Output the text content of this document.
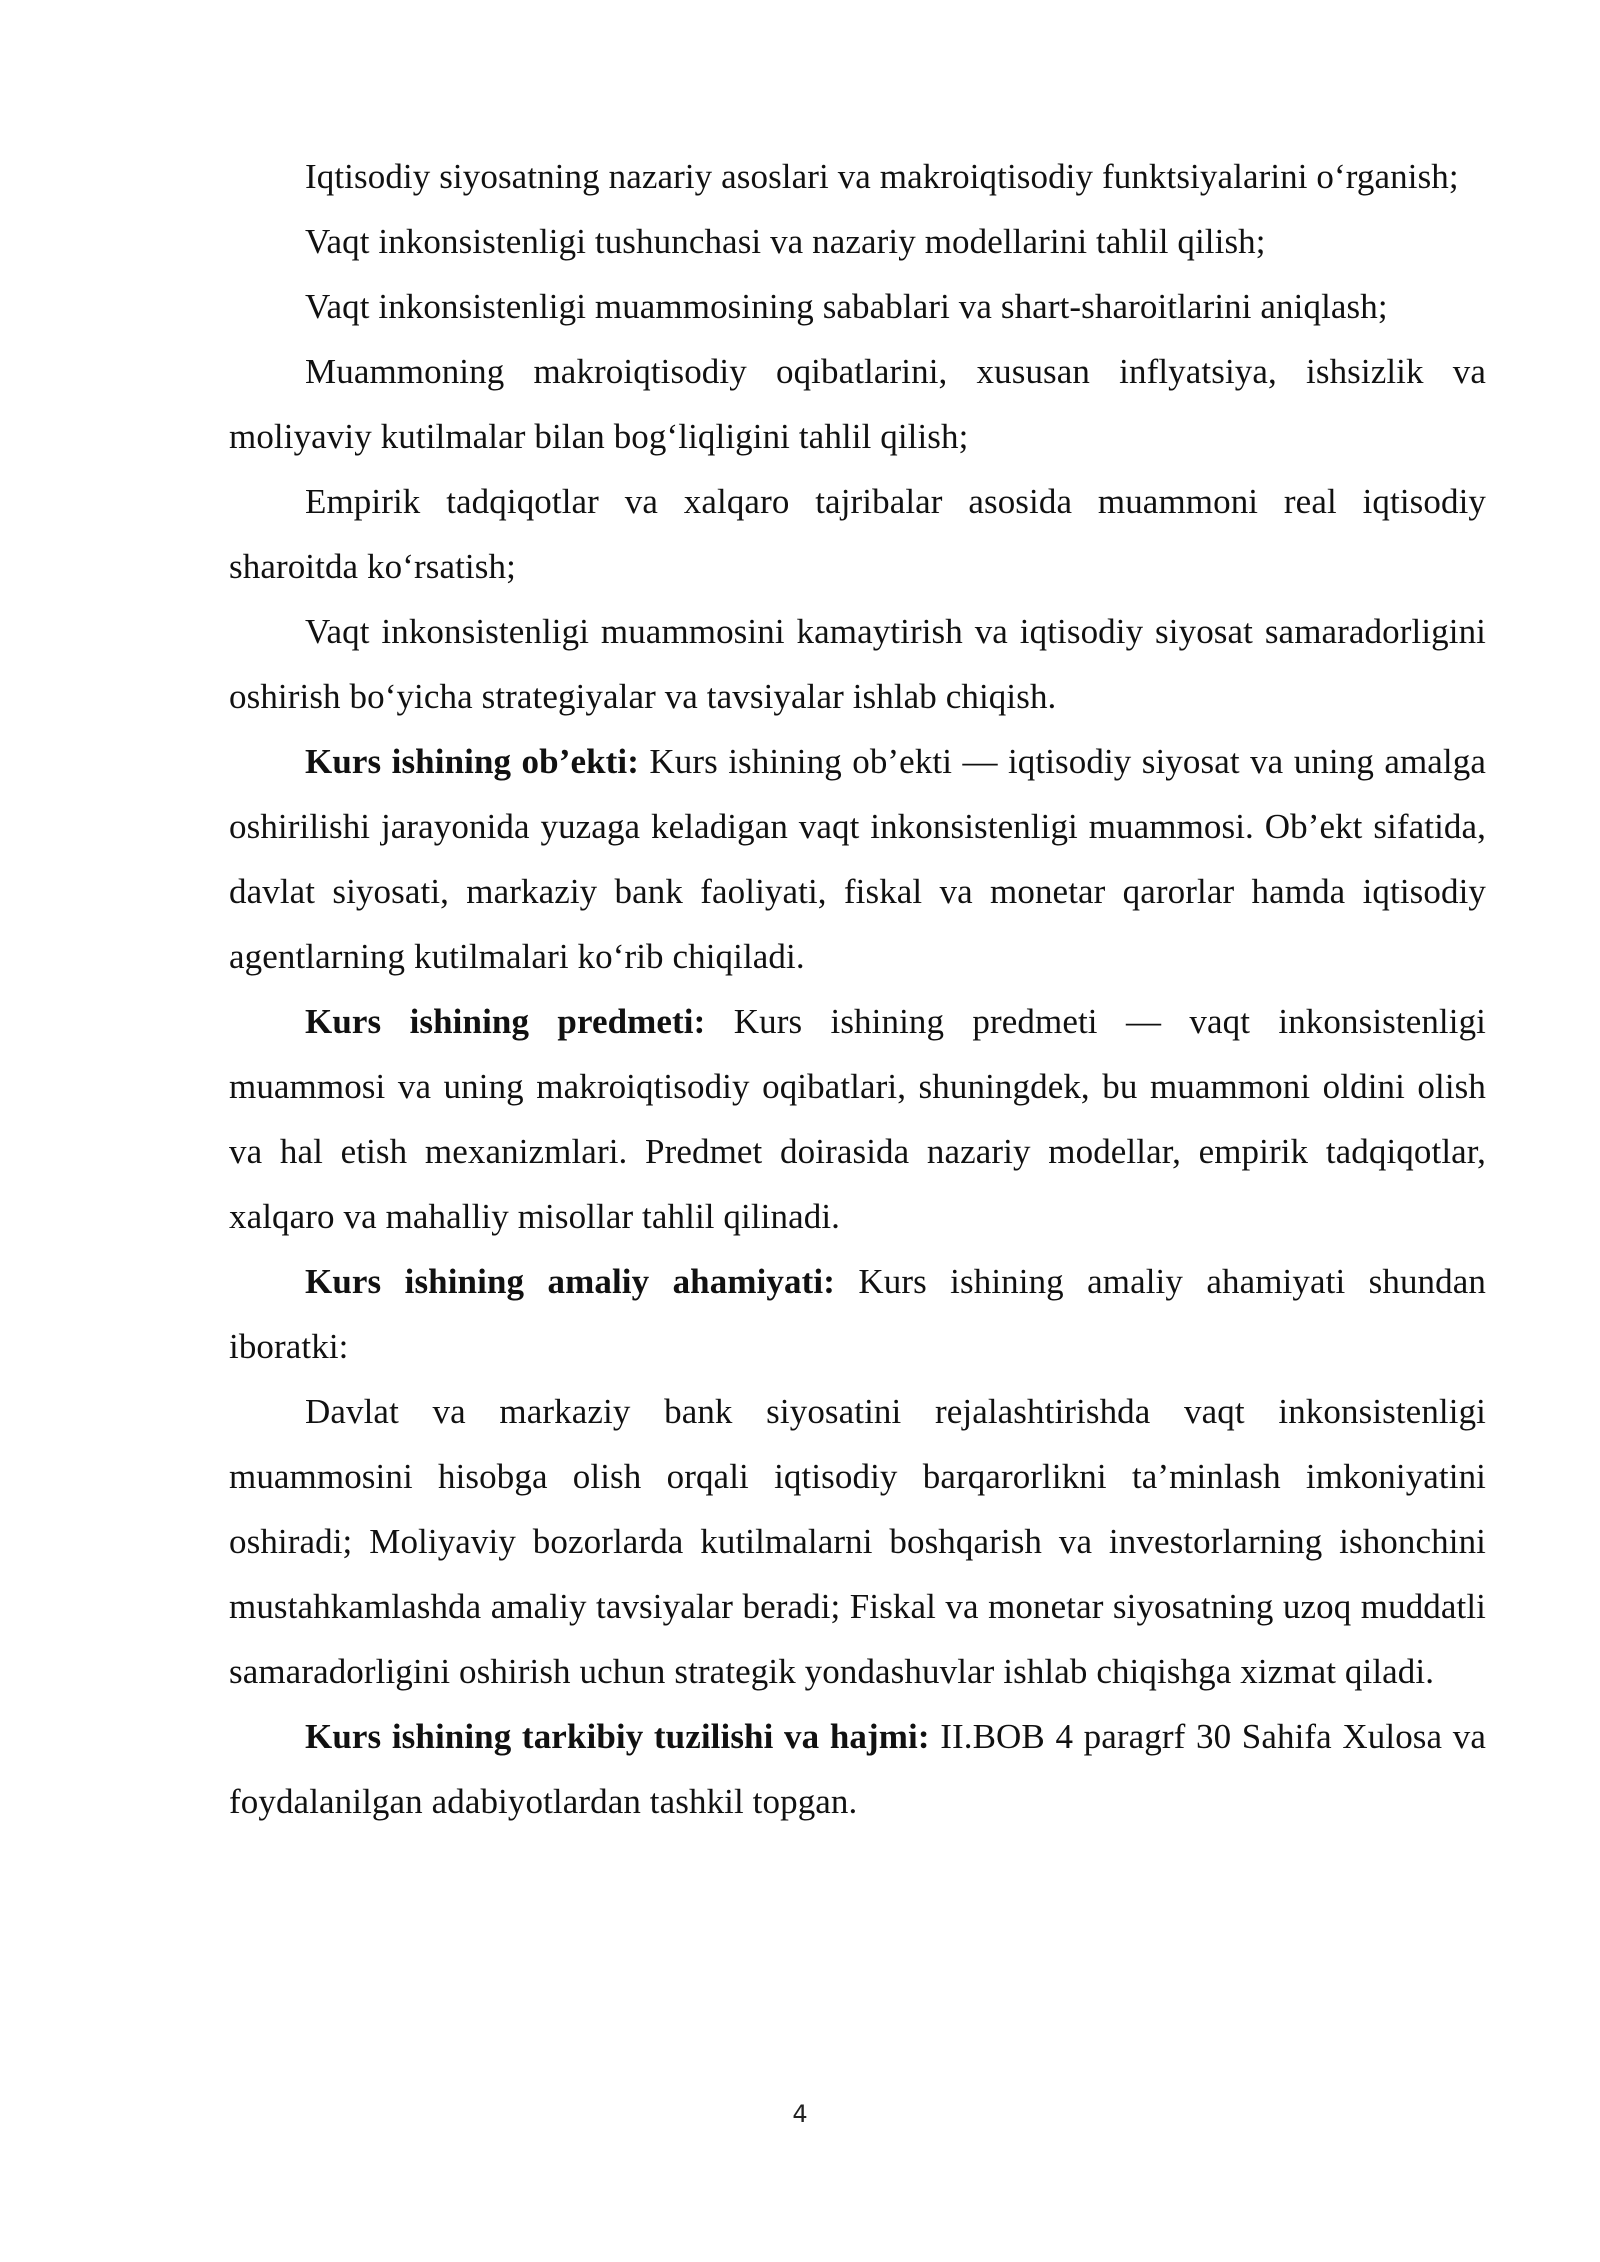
Iqtisodiy siyosatning nazariy asoslari va makroiqtisodiy funktsiyalarini o‘rganish;

Vaqt inkonsistenligi tushunchasi va nazariy modellarini tahlil qilish;

Vaqt inkonsistenligi muammosining sabablari va shart-sharoitlarini aniqlash;

Muammoning makroiqtisodiy oqibatlarini, xususan inflyatsiya, ishsizlik va moliyaviy kutilmalar bilan bog‘liqligini tahlil qilish;

Empirik tadqiqotlar va xalqaro tajribalar asosida muammoni real iqtisodiy sharoitda ko‘rsatish;

Vaqt inkonsistenligi muammosini kamaytirish va iqtisodiy siyosat samaradorligini oshirish bo‘yicha strategiyalar va tavsiyalar ishlab chiqish.

Kurs ishining ob’ekti: Kurs ishining ob’ekti — iqtisodiy siyosat va uning amalga oshirilishi jarayonida yuzaga keladigan vaqt inkonsistenligi muammosi. Ob’ekt sifatida, davlat siyosati, markaziy bank faoliyati, fiskal va monetar qarorlar hamda iqtisodiy agentlarning kutilmalari ko‘rib chiqiladi.

Kurs ishining predmeti: Kurs ishining predmeti — vaqt inkonsistenligi muammosi va uning makroiqtisodiy oqibatlari, shuningdek, bu muammoni oldini olish va hal etish mexanizmlari. Predmet doirasida nazariy modellar, empirik tadqiqotlar, xalqaro va mahalliy misollar tahlil qilinadi.

Kurs ishining amaliy ahamiyati: Kurs ishining amaliy ahamiyati shundan iboratki:

Davlat va markaziy bank siyosatini rejalashtirishda vaqt inkonsistenligi muammosini hisobga olish orqali iqtisodiy barqarorlikni ta’minlash imkoniyatini oshiradi; Moliyaviy bozorlarda kutilmalarni boshqarish va investorlarning ishonchini mustahkamlashda amaliy tavsiyalar beradi; Fiskal va monetar siyosatning uzoq muddatli samaradorligini oshirish uchun strategik yondashuvlar ishlab chiqishga xizmat qiladi.

Kurs ishining tarkibiy tuzilishi va hajmi: II.BOB 4 paragrf 30 Sahifa Xulosa va foydalanilgan adabiyotlardan tashkil topgan.

4
